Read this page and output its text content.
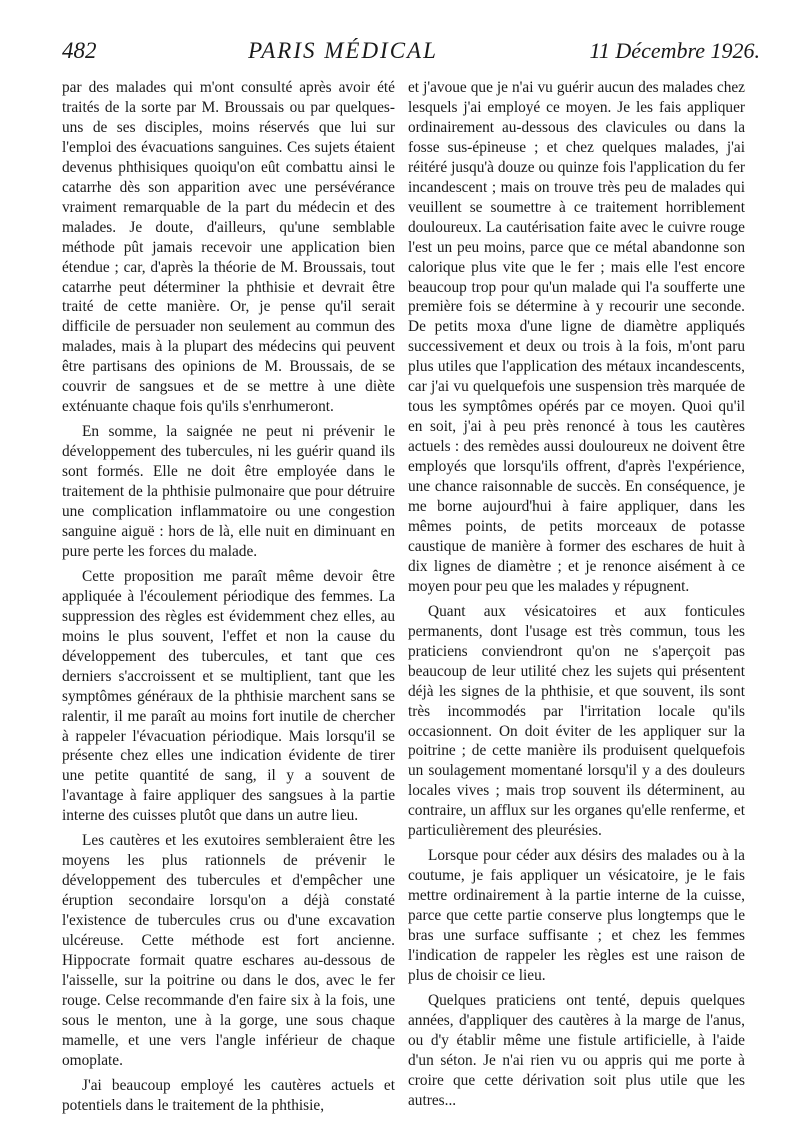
482	PARIS MÉDICAL	11 Décembre 1926.

par des malades qui m'ont consulté après avoir été traités de la sorte par M. Broussais ou par quelques-uns de ses disciples, moins réservés que lui sur l'emploi des évacuations sanguines. Ces sujets étaient devenus phthisiques quoiqu'on eût combattu ainsi le catarrhe dès son apparition avec une persévérance vraiment remarquable de la part du médecin et des malades. Je doute, d'ailleurs, qu'une semblable méthode pût jamais recevoir une application bien étendue ; car, d'après la théorie de M. Broussais, tout catarrhe peut déterminer la phthisie et devrait être traité de cette manière. Or, je pense qu'il serait difficile de persuader non seulement au commun des malades, mais à la plupart des médecins qui peuvent être partisans des opinions de M. Broussais, de se couvrir de sangsues et de se mettre à une diète exténuante chaque fois qu'ils s'enrhumeront.

En somme, la saignée ne peut ni prévenir le développement des tubercules, ni les guérir quand ils sont formés. Elle ne doit être employée dans le traitement de la phthisie pulmonaire que pour détruire une complication inflammatoire ou une congestion sanguine aiguë : hors de là, elle nuit en diminuant en pure perte les forces du malade.

Cette proposition me paraît même devoir être appliquée à l'écoulement périodique des femmes. La suppression des règles est évidemment chez elles, au moins le plus souvent, l'effet et non la cause du développement des tubercules, et tant que ces derniers s'accroissent et se multiplient, tant que les symptômes généraux de la phthisie marchent sans se ralentir, il me paraît au moins fort inutile de chercher à rappeler l'évacuation périodique. Mais lorsqu'il se présente chez elles une indication évidente de tirer une petite quantité de sang, il y a souvent de l'avantage à faire appliquer des sangsues à la partie interne des cuisses plutôt que dans un autre lieu.

Les cautères et les exutoires sembleraient être les moyens les plus rationnels de prévenir le développement des tubercules et d'empêcher une éruption secondaire lorsqu'on a déjà constaté l'existence de tubercules crus ou d'une excavation ulcéreuse. Cette méthode est fort ancienne. Hippocrate formait quatre eschares au-dessous de l'aisselle, sur la poitrine ou dans le dos, avec le fer rouge. Celse recommande d'en faire six à la fois, une sous le menton, une à la gorge, une sous chaque mamelle, et une vers l'angle inférieur de chaque omoplate.

J'ai beaucoup employé les cautères actuels et potentiels dans le traitement de la phthisie,

et j'avoue que je n'ai vu guérir aucun des malades chez lesquels j'ai employé ce moyen. Je les fais appliquer ordinairement au-dessous des clavicules ou dans la fosse sus-épineuse ; et chez quelques malades, j'ai réitéré jusqu'à douze ou quinze fois l'application du fer incandescent ; mais on trouve très peu de malades qui veuillent se soumettre à ce traitement horriblement douloureux. La cautérisation faite avec le cuivre rouge l'est un peu moins, parce que ce métal abandonne son calorique plus vite que le fer ; mais elle l'est encore beaucoup trop pour qu'un malade qui l'a soufferte une première fois se détermine à y recourir une seconde. De petits moxa d'une ligne de diamètre appliqués successivement et deux ou trois à la fois, m'ont paru plus utiles que l'application des métaux incandescents, car j'ai vu quelquefois une suspension très marquée de tous les symptômes opérés par ce moyen. Quoi qu'il en soit, j'ai à peu près renoncé à tous les cautères actuels : des remèdes aussi douloureux ne doivent être employés que lorsqu'ils offrent, d'après l'expérience, une chance raisonnable de succès. En conséquence, je me borne aujourd'hui à faire appliquer, dans les mêmes points, de petits morceaux de potasse caustique de manière à former des eschares de huit à dix lignes de diamètre ; et je renonce aisément à ce moyen pour peu que les malades y répugnent.

Quant aux vésicatoires et aux fonticules permanents, dont l'usage est très commun, tous les praticiens conviendront qu'on ne s'aperçoit pas beaucoup de leur utilité chez les sujets qui présentent déjà les signes de la phthisie, et que souvent, ils sont très incommodés par l'irritation locale qu'ils occasionnent. On doit éviter de les appliquer sur la poitrine ; de cette manière ils produisent quelquefois un soulagement momentané lorsqu'il y a des douleurs locales vives ; mais trop souvent ils déterminent, au contraire, un afflux sur les organes qu'elle renferme, et particulièrement des pleurésies.

Lorsque pour céder aux désirs des malades ou à la coutume, je fais appliquer un vésicatoire, je le fais mettre ordinairement à la partie interne de la cuisse, parce que cette partie conserve plus longtemps que le bras une surface suffisante ; et chez les femmes l'indication de rappeler les règles est une raison de plus de choisir ce lieu.

Quelques praticiens ont tenté, depuis quelques années, d'appliquer des cautères à la marge de l'anus, ou d'y établir même une fistule artificielle, à l'aide d'un séton. Je n'ai rien vu ou appris qui me porte à croire que cette dérivation soit plus utile que les autres...
